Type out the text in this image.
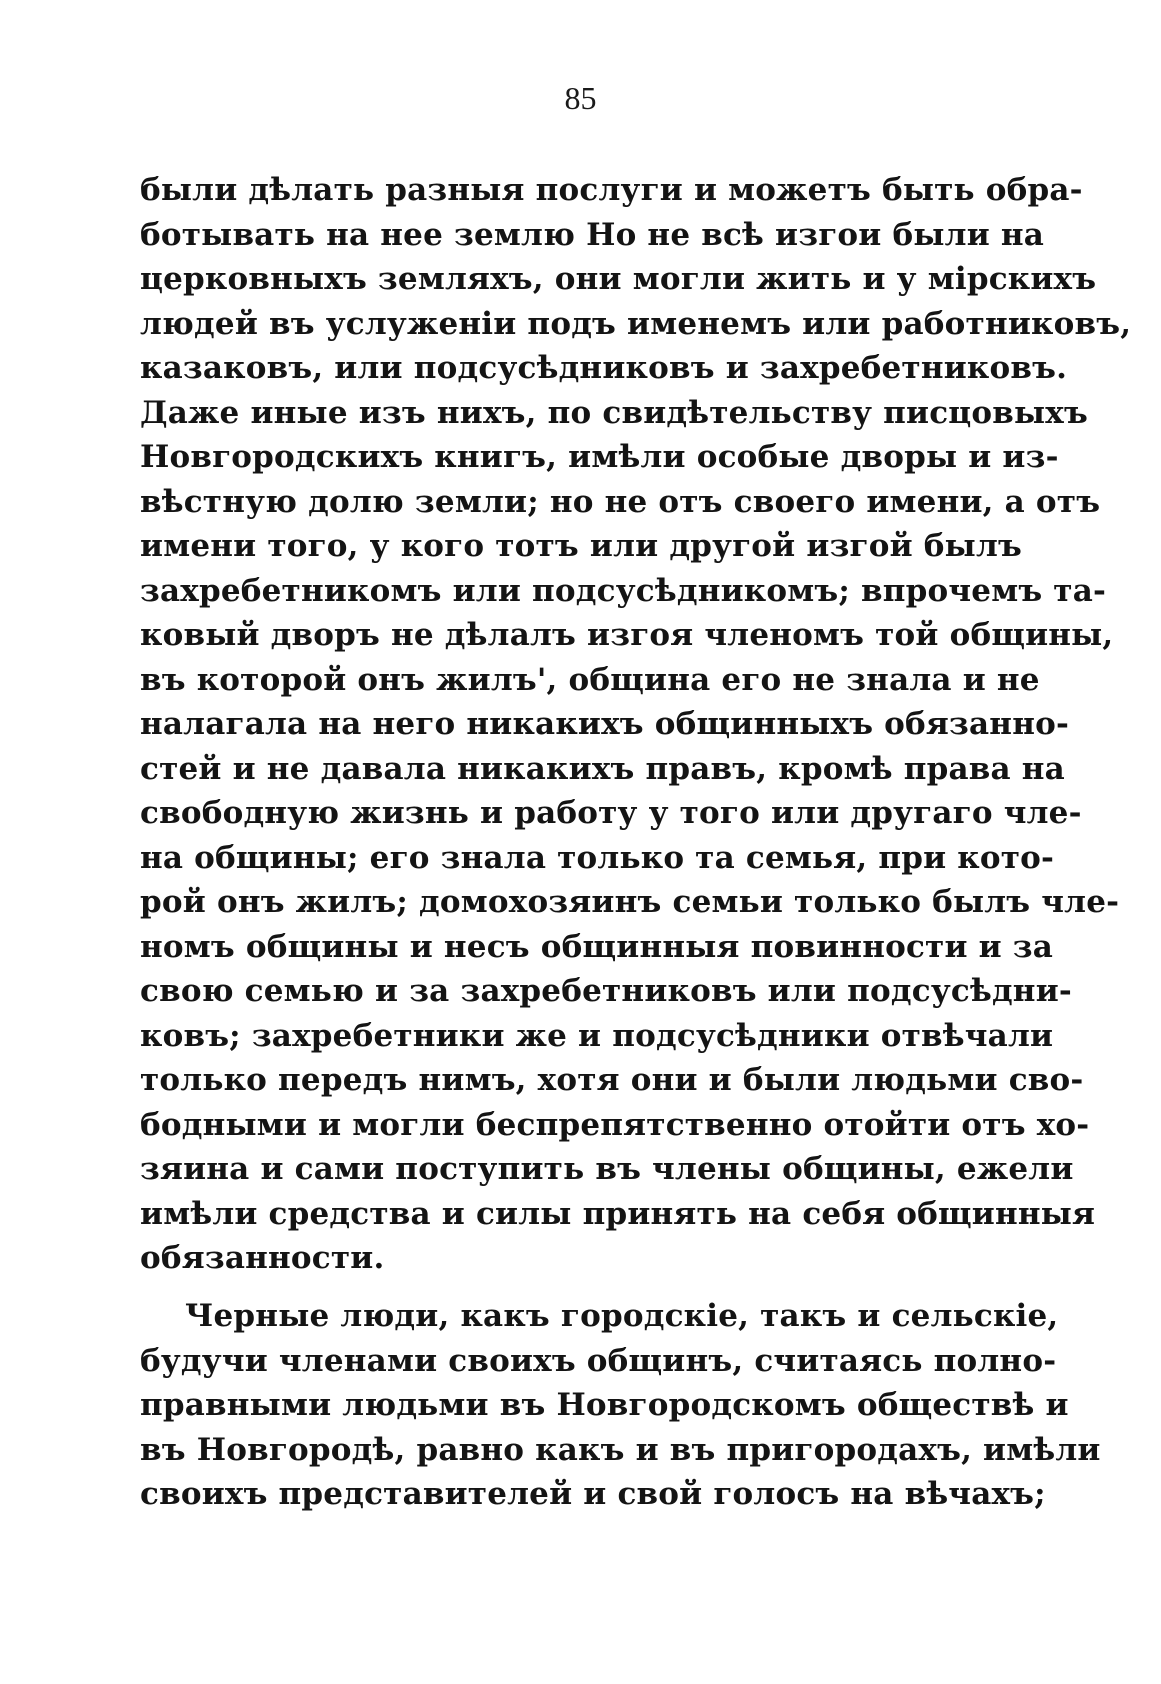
85
были дѣлать разныя послуги и можетъ быть обра-
ботывать на нее землю Но не всѣ изгои были на
церковныхъ земляхъ, они могли жить и у мірскихъ
людей въ услуженіи подъ именемъ или работниковъ,
казаковъ, или подсусѣдниковъ и захребетниковъ.
Даже иные изъ нихъ, по свидѣтельству писцовыхъ
Новгородскихъ книгъ, имѣли особые дворы и из-
вѣстную долю земли; но не отъ своего имени, а отъ
имени того, у кого тотъ или другой изгой былъ
захребетникомъ или подсусѣдникомъ; впрочемъ та-
ковый дворъ не дѣлалъ изгоя членомъ той общины,
въ которой онъ жилъ', община его не знала и не
налагала на него никакихъ общинныхъ обязанно-
стей и не давала никакихъ правъ, кромѣ права на
свободную жизнь и работу у того или другаго чле-
на общины; его знала только та семья, при кото-
рой онъ жилъ; домохозяинъ семьи только былъ чле-
номъ общины и несъ общинныя повинности и за
свою семью и за захребетниковъ или подсусѣдни-
ковъ; захребетники же и подсусѣдники отвѣчали
только передъ нимъ, хотя они и были людьми сво-
бодными и могли беспрепятственно отойти отъ хо-
зяина и сами поступить въ члены общины, ежели
имѣли средства и силы принять на себя общинныя
обязанности.
Черные люди, какъ городскіе, такъ и сельскіе,
будучи членами своихъ общинъ, считаясь полно-
правными людьми въ Новгородскомъ обществѣ и
въ Новгородѣ, равно какъ и въ пригородахъ, имѣли
своихъ представителей и свой голосъ на вѣчахъ;
